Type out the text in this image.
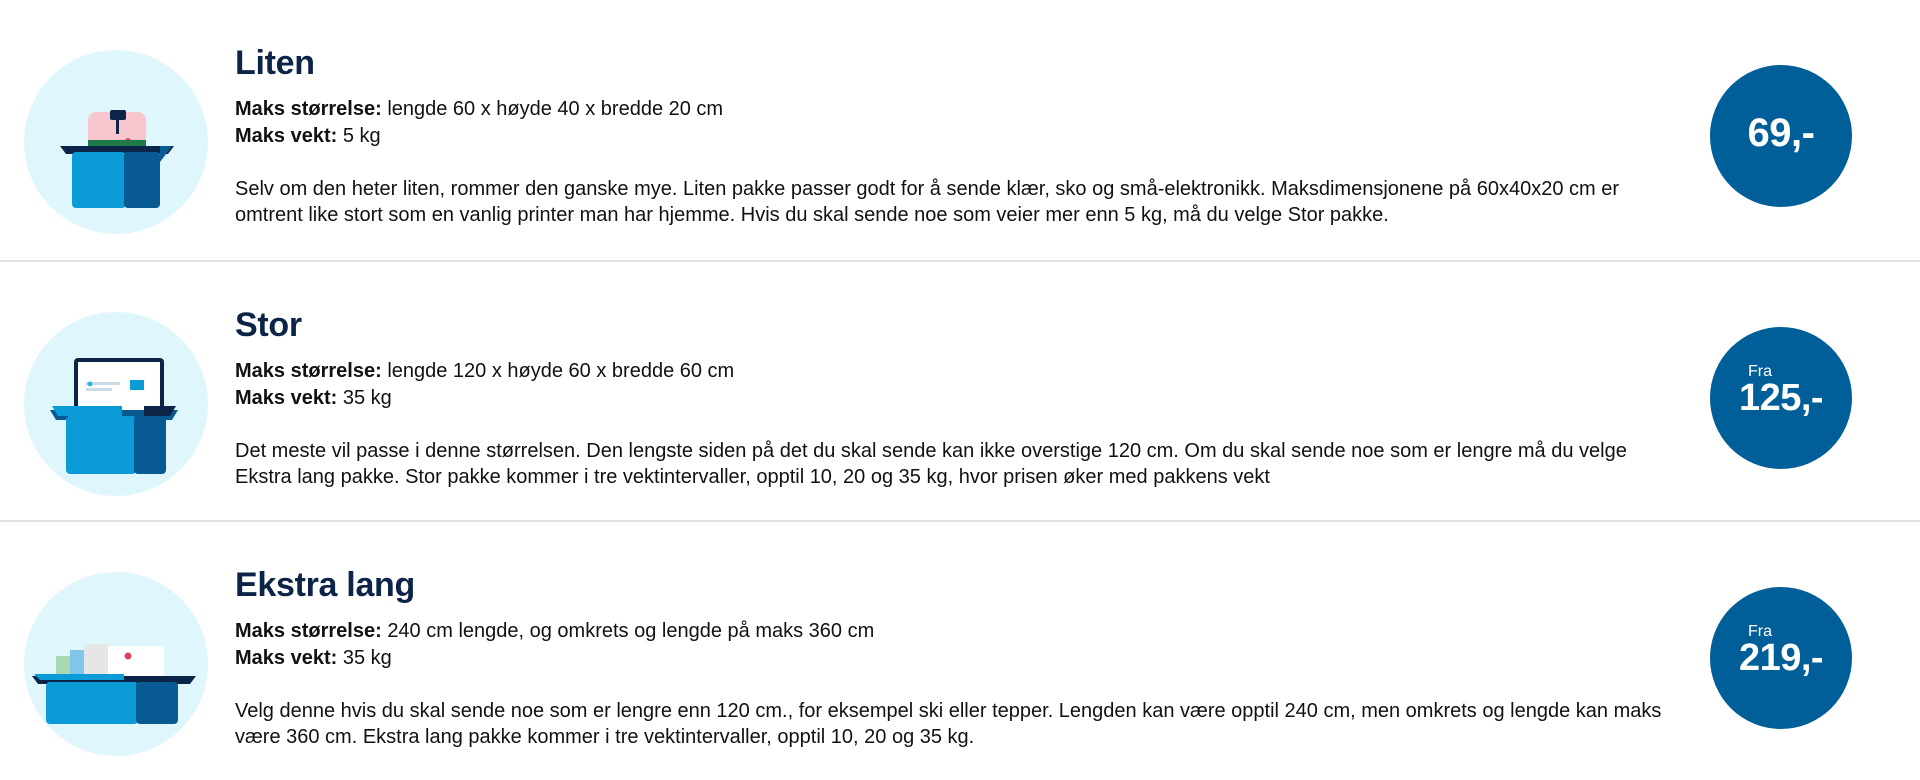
Liten
Maks størrelse: lengde 60 x høyde 40 x bredde 20 cm
Maks vekt: 5 kg
Selv om den heter liten, rommer den ganske mye. Liten pakke passer godt for å sende klær, sko og små-elektronikk. Maksdimensjonene på 60x40x20 cm er omtrent like stort som en vanlig printer man har hjemme. Hvis du skal sende noe som veier mer enn 5 kg, må du velge Stor pakke.
69,-
Stor
Maks størrelse: lengde 120 x høyde 60 x bredde 60 cm
Maks vekt: 35 kg
Det meste vil passe i denne størrelsen. Den lengste siden på det du skal sende kan ikke overstige 120 cm. Om du skal sende noe som er lengre må du velge Ekstra lang pakke. Stor pakke kommer i tre vektintervaller, opptil 10, 20 og 35 kg, hvor prisen øker med pakkens vekt
Fra
125,-
Ekstra lang
Maks størrelse: 240 cm lengde, og omkrets og lengde på maks 360 cm
Maks vekt: 35 kg
Velg denne hvis du skal sende noe som er lengre enn 120 cm., for eksempel ski eller tepper. Lengden kan være opptil 240 cm, men omkrets og lengde kan maks være 360 cm. Ekstra lang pakke kommer i tre vektintervaller, opptil 10, 20 og 35 kg.
Fra
219,-
